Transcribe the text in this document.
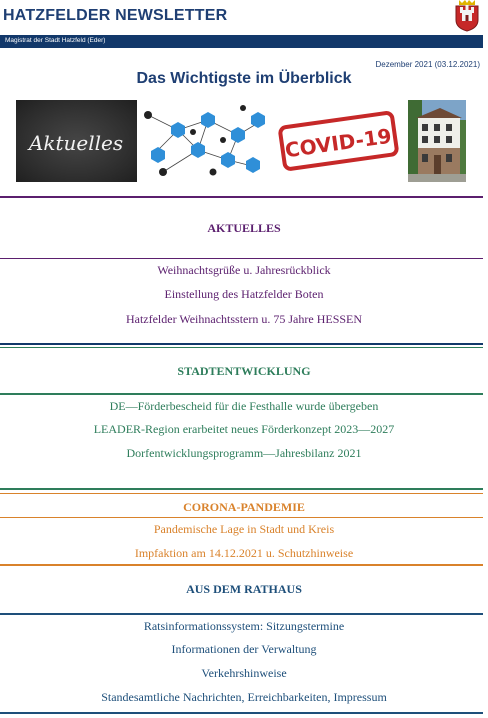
HATZFELDER NEWSLETTER
Magistrat der Stadt Hatzfeld (Eder)
Dezember 2021 (03.12.2021)
Das Wichtigste im Überblick
Aktuelles	COVID-19
AKTUELLES
Weihnachtsgrüße u. Jahresrückblick
Einstellung des Hatzfelder Boten
Hatzfelder Weihnachtsstern u. 75 Jahre HESSEN
STADTENTWICKLUNG
DE—Förderbescheid für die Festhalle wurde übergeben
LEADER-Region erarbeitet neues Förderkonzept 2023—2027
Dorfentwicklungsprogramm—Jahresbilanz 2021
CORONA-PANDEMIE
Pandemische Lage in Stadt und Kreis
Impfaktion am 14.12.2021 u. Schutzhinweise
AUS DEM RATHAUS
Ratsinformationssystem: Sitzungstermine
Informationen der Verwaltung
Verkehrshinweise
Standesamtliche Nachrichten, Erreichbarkeiten, Impressum
